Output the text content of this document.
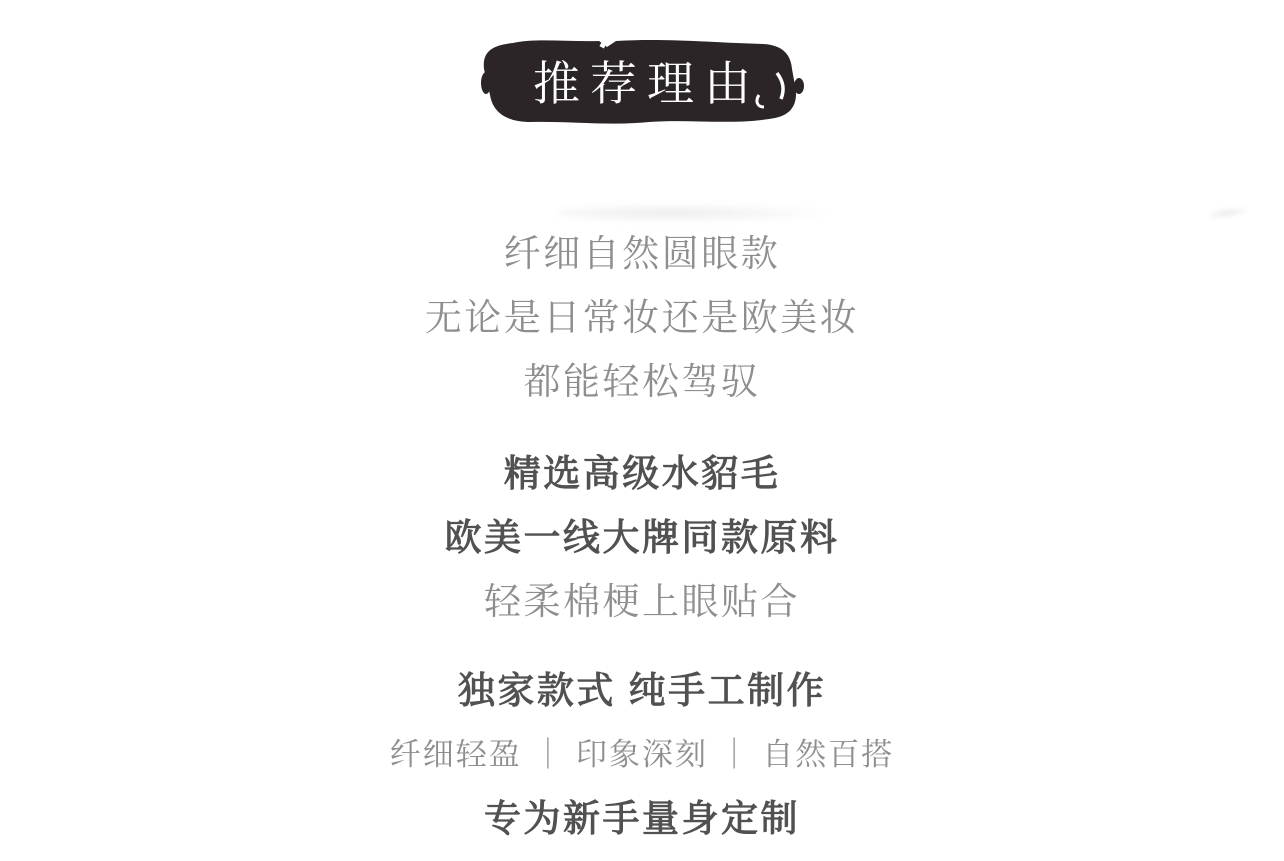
推荐理由
纤细自然圆眼款
无论是日常妆还是欧美妆
都能轻松驾驭
精选高级水貂毛
欧美一线大牌同款原料
轻柔棉梗上眼贴合
独家款式 纯手工制作
纤细轻盈 ｜ 印象深刻 ｜ 自然百搭
专为新手量身定制
